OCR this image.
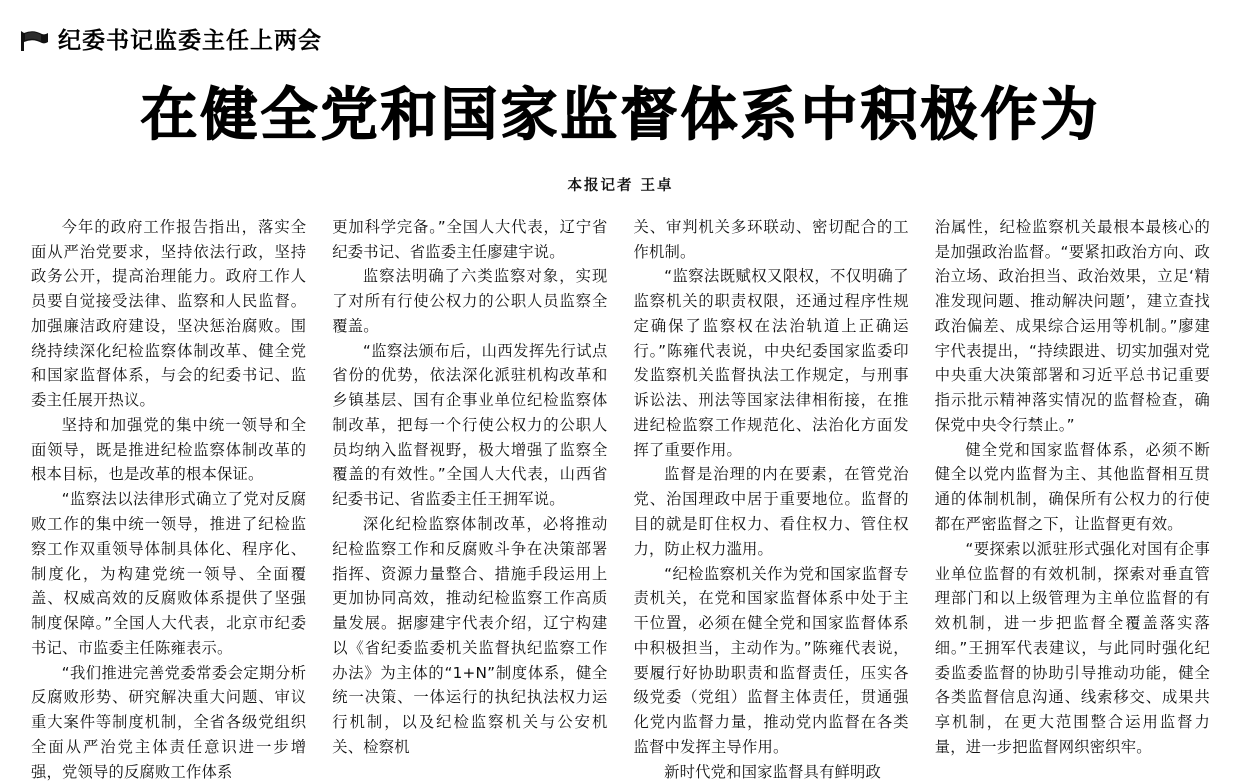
纪委书记监委主任上两会
在健全党和国家监督体系中积极作为
本报记者 王卓

今年的政府工作报告指出，落实全面从严治党要求，坚持依法行政，坚持政务公开，提高治理能力。政府工作人员要自觉接受法律、监察和人民监督。加强廉洁政府建设，坚决惩治腐败。围绕持续深化纪检监察体制改革、健全党和国家监督体系，与会的纪委书记、监委主任展开热议。

坚持和加强党的集中统一领导和全面领导，既是推进纪检监察体制改革的根本目标，也是改革的根本保证。

“监察法以法律形式确立了党对反腐败工作的集中统一领导，推进了纪检监察工作双重领导体制具体化、程序化、制度化，为构建党统一领导、全面覆盖、权威高效的反腐败体系提供了坚强制度保障。”全国人大代表，北京市纪委书记、市监委主任陈雍表示。

“我们推进完善党委常委会定期分析反腐败形势、研究解决重大问题、审议重大案件等制度机制，全省各级党组织全面从严治党主体责任意识进一步增强，党领导的反腐败工作体系

更加科学完备。”全国人大代表，辽宁省纪委书记、省监委主任廖建宇说。

监察法明确了六类监察对象，实现了对所有行使公权力的公职人员监察全覆盖。

“监察法颁布后，山西发挥先行试点省份的优势，依法深化派驻机构改革和乡镇基层、国有企事业单位纪检监察体制改革，把每一个行使公权力的公职人员均纳入监督视野，极大增强了监察全覆盖的有效性。”全国人大代表，山西省纪委书记、省监委主任王拥军说。

深化纪检监察体制改革，必将推动纪检监察工作和反腐败斗争在决策部署指挥、资源力量整合、措施手段运用上更加协同高效，推动纪检监察工作高质量发展。据廖建宇代表介绍，辽宁构建以《省纪委监委机关监督执纪监察工作办法》为主体的“1+N”制度体系，健全统一决策、一体运行的执纪执法权力运行机制，以及纪检监察机关与公安机关、检察机

关、审判机关多环联动、密切配合的工作机制。

“监察法既赋权又限权，不仅明确了监察机关的职责权限，还通过程序性规定确保了监察权在法治轨道上正确运行。”陈雍代表说，中央纪委国家监委印发监察机关监督执法工作规定，与刑事诉讼法、刑法等国家法律相衔接，在推进纪检监察工作规范化、法治化方面发挥了重要作用。

监督是治理的内在要素，在管党治党、治国理政中居于重要地位。监督的目的就是盯住权力、看住权力、管住权力，防止权力滥用。

“纪检监察机关作为党和国家监督专责机关，在党和国家监督体系中处于主干位置，必须在健全党和国家监督体系中积极担当，主动作为。”陈雍代表说，要履行好协助职责和监督责任，压实各级党委（党组）监督主体责任，贯通强化党内监督力量，推动党内监督在各类监督中发挥主导作用。

新时代党和国家监督具有鲜明政

治属性，纪检监察机关最根本最核心的是加强政治监督。“要紧扣政治方向、政治立场、政治担当、政治效果，立足‘精准发现问题、推动解决问题’，建立查找政治偏差、成果综合运用等机制。”廖建宇代表提出，“持续跟进、切实加强对党中央重大决策部署和习近平总书记重要指示批示精神落实情况的监督检查，确保党中央令行禁止。”

健全党和国家监督体系，必须不断健全以党内监督为主、其他监督相互贯通的体制机制，确保所有公权力的行使都在严密监督之下，让监督更有效。

“要探索以派驻形式强化对国有企事业单位监督的有效机制，探索对垂直管理部门和以上级管理为主单位监督的有效机制，进一步把监督全覆盖落实落细。”王拥军代表建议，与此同时强化纪委监委监督的协助引导推动功能，健全各类监督信息沟通、线索移交、成果共享机制，在更大范围整合运用监督力量，进一步把监督网织密织牢。
